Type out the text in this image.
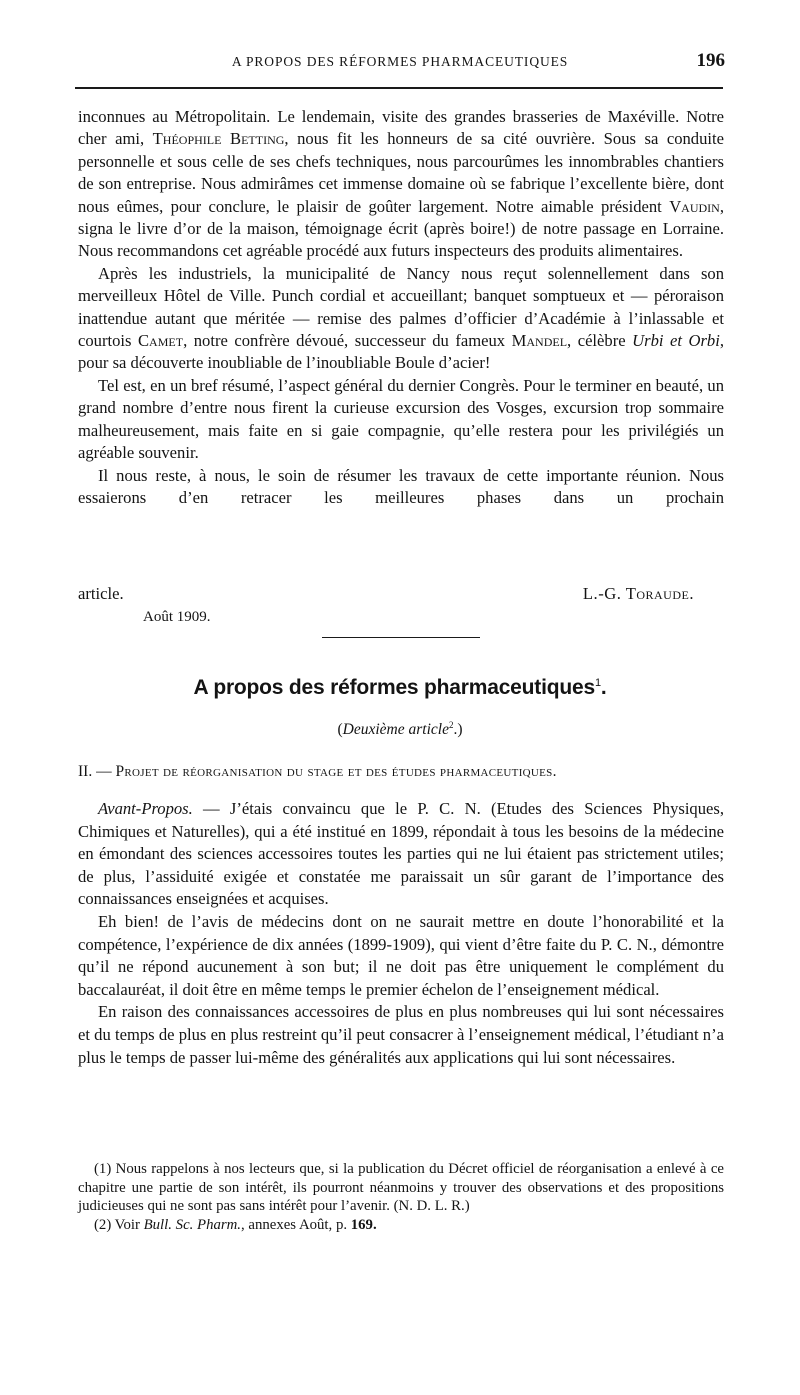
A PROPOS DES RÉFORMES PHARMACEUTIQUES	196

inconnues au Métropolitain. Le lendemain, visite des grandes brasseries de Maxéville. Notre cher ami, Théophile Betting, nous fit les honneurs de sa cité ouvrière. Sous sa conduite personnelle et sous celle de ses chefs techniques, nous parcourûmes les innombrables chantiers de son entreprise. Nous admirâmes cet immense domaine où se fabrique l’excellente bière, dont nous eûmes, pour conclure, le plaisir de goûter largement. Notre aimable président Vaudin, signa le livre d’or de la maison, témoignage écrit (après boire!) de notre passage en Lorraine. Nous recommandons cet agréable procédé aux futurs inspecteurs des produits alimentaires.

Après les industriels, la municipalité de Nancy nous reçut solennellement dans son merveilleux Hôtel de Ville. Punch cordial et accueillant; banquet somptueux et — péroraison inattendue autant que méritée — remise des palmes d’officier d’Académie à l’inlassable et courtois Camet, notre confrère dévoué, successeur du fameux Mandel, célèbre Urbi et Orbi, pour sa découverte inoubliable de l’inoubliable Boule d’acier!

Tel est, en un bref résumé, l’aspect général du dernier Congrès. Pour le terminer en beauté, un grand nombre d’entre nous firent la curieuse excursion des Vosges, excursion trop sommaire malheureusement, mais faite en si gaie compagnie, qu’elle restera pour les privilégiés un agréable souvenir.

Il nous reste, à nous, le soin de résumer les travaux de cette importante réunion. Nous essaierons d’en retracer les meilleures phases dans un prochain

article.	L.-G. Toraude.
Août 1909.
A propos des réformes pharmaceutiques$^1$.
(Deuxième article$^2$.)
II. — Projet de réorganisation du stage et des études pharmaceutiques.

Avant-Propos. — J’étais convaincu que le P. C. N. (Etudes des Sciences Physiques, Chimiques et Naturelles), qui a été institué en 1899, répondait à tous les besoins de la médecine en émondant des sciences accessoires toutes les parties qui ne lui étaient pas strictement utiles; de plus, l’assiduité exigée et constatée me paraissait un sûr garant de l’importance des connaissances enseignées et acquises.

Eh bien! de l’avis de médecins dont on ne saurait mettre en doute l’honorabilité et la compétence, l’expérience de dix années (1899-1909), qui vient d’être faite du P. C. N., démontre qu’il ne répond aucunement à son but; il ne doit pas être uniquement le complément du baccalauréat, il doit être en même temps le premier échelon de l’enseignement médical.

En raison des connaissances accessoires de plus en plus nombreuses qui lui sont nécessaires et du temps de plus en plus restreint qu’il peut consacrer à l’enseignement médical, l’étudiant n’a plus le temps de passer lui-même des généralités aux applications qui lui sont nécessaires.

(1) Nous rappelons à nos lecteurs que, si la publication du Décret officiel de réorganisation a enlevé à ce chapitre une partie de son intérêt, ils pourront néanmoins y trouver des observations et des propositions judicieuses qui ne sont pas sans intérêt pour l’avenir. (N. D. L. R.)

(2) Voir Bull. Sc. Pharm., annexes Août, p. 169.
